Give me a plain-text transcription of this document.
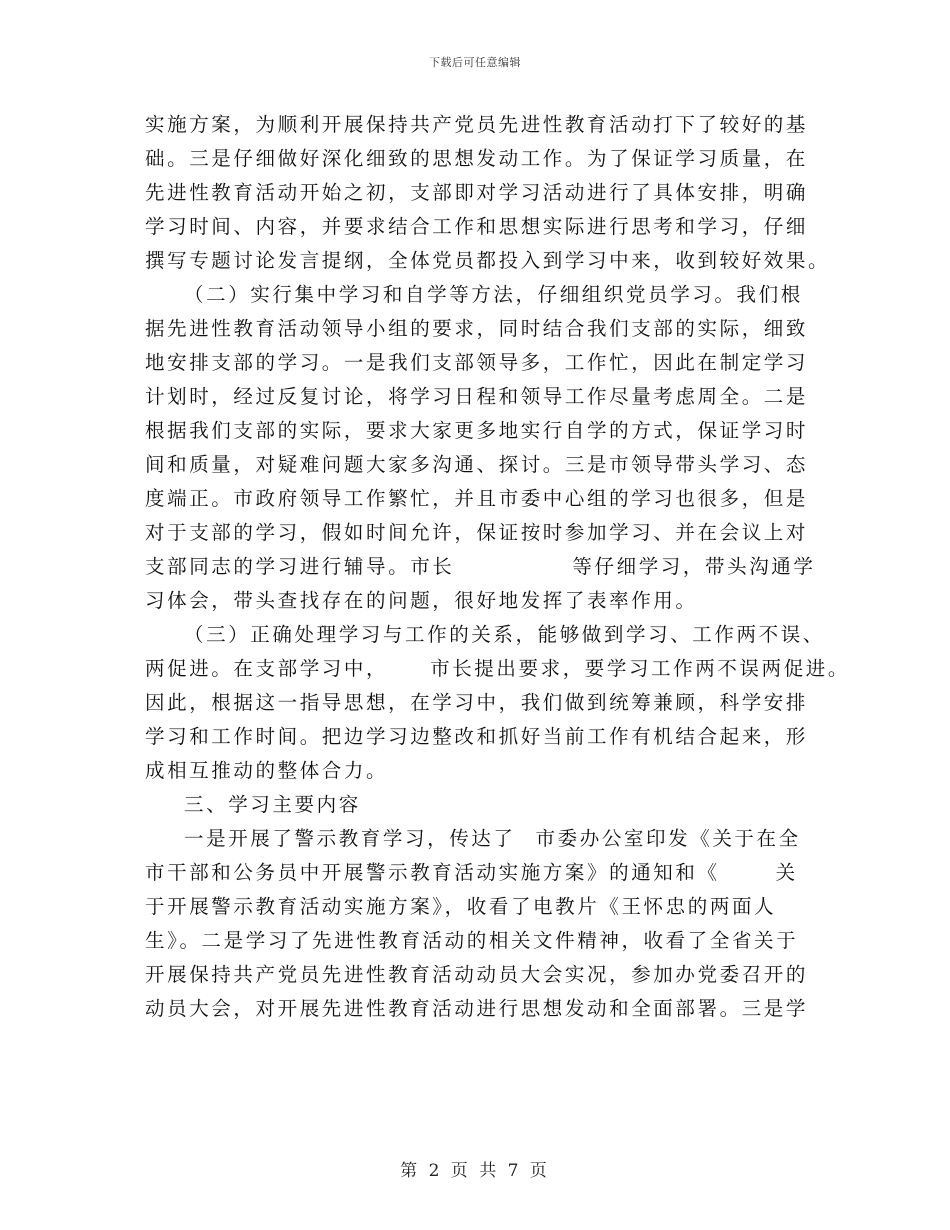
下载后可任意编辑
实施方案，为顺利开展保持共产党员先进性教育活动打下了较好的基
础。三是仔细做好深化细致的思想发动工作。为了保证学习质量，在
先进性教育活动开始之初，支部即对学习活动进行了具体安排，明确
学习时间、内容，并要求结合工作和思想实际进行思考和学习，仔细
撰写专题讨论发言提纲，全体党员都投入到学习中来，收到较好效果。
（二）实行集中学习和自学等方法，仔细组织党员学习。我们根
据先进性教育活动领导小组的要求，同时结合我们支部的实际，细致
地安排支部的学习。一是我们支部领导多，工作忙，因此在制定学习
计划时，经过反复讨论，将学习日程和领导工作尽量考虑周全。二是
根据我们支部的实际，要求大家更多地实行自学的方式，保证学习时
间和质量，对疑难问题大家多沟通、探讨。三是市领导带头学习、态
度端正。市政府领导工作繁忙，并且市委中心组的学习也很多，但是
对于支部的学习，假如时间允许，保证按时参加学习、并在会议上对
支部同志的学习进行辅导。市长	等仔细学习，带头沟通学
习体会，带头查找存在的问题，很好地发挥了表率作用。
（三）正确处理学习与工作的关系，能够做到学习、工作两不误、
两促进。在支部学习中， 市长提出要求，要学习工作两不误两促进。
因此，根据这一指导思想，在学习中，我们做到统筹兼顾，科学安排
学习和工作时间。把边学习边整改和抓好当前工作有机结合起来，形
成相互推动的整体合力。
三、学习主要内容
一是开展了警示教育学习，传达了 市委办公室印发《关于在全
市干部和公务员中开展警示教育活动实施方案》的通知和《	关
于开展警示教育活动实施方案》，收看了电教片《王怀忠的两面人
生》。二是学习了先进性教育活动的相关文件精神，收看了全省关于
开展保持共产党员先进性教育活动动员大会实况，参加办党委召开的
动员大会，对开展先进性教育活动进行思想发动和全面部署。三是学
第 2 页 共 7 页
